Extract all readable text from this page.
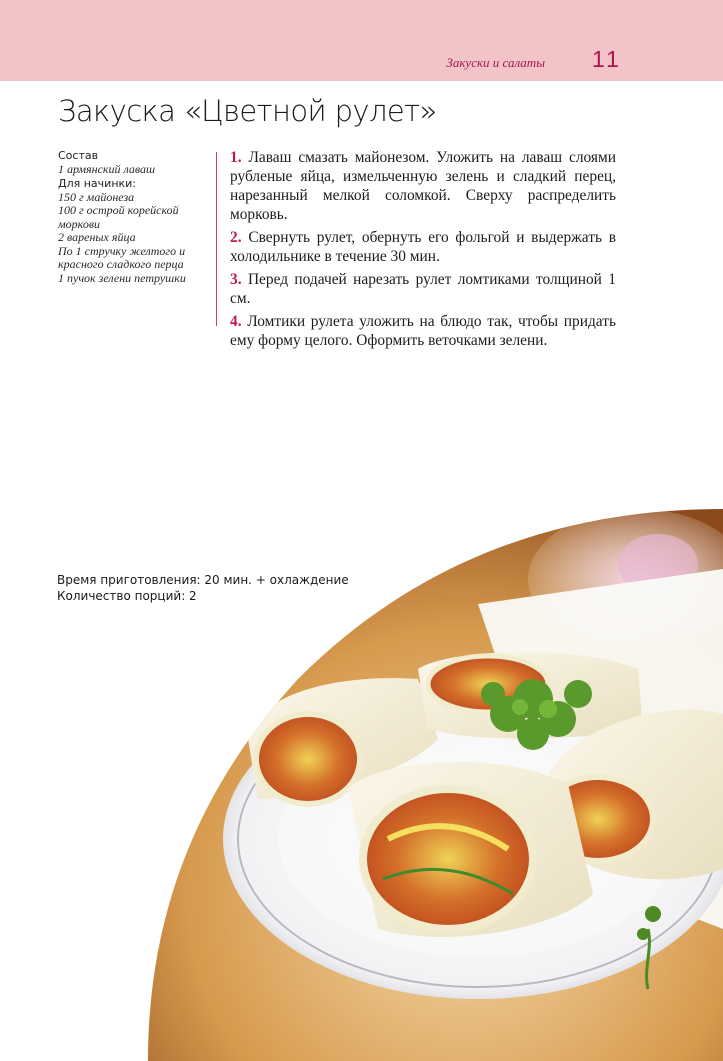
Закуски и салаты 11
Закуска «Цветной рулет»
Состав
1 армянский лаваш
Для начинки:
150 г майонеза
100 г острой корейской моркови
2 вареных яйца
По 1 стручку желтого и красного сладкого перца
1 пучок зелени петрушки

1. Лаваш смазать майонезом. Уложить на лаваш слоями рубленые яйца, измельченную зелень и сладкий перец, нарезанный мелкой соломкой. Сверху распределить морковь.

2. Свернуть рулет, обернуть его фольгой и выдержать в холодильнике в течение 30 мин.

3. Перед подачей нарезать рулет ломтиками толщиной 1 см.

4. Ломтики рулета уложить на блюдо так, чтобы придать ему форму целого. Оформить веточками зелени.

Время приготовления: 20 мин. + охлаждение
Количество порций: 2
